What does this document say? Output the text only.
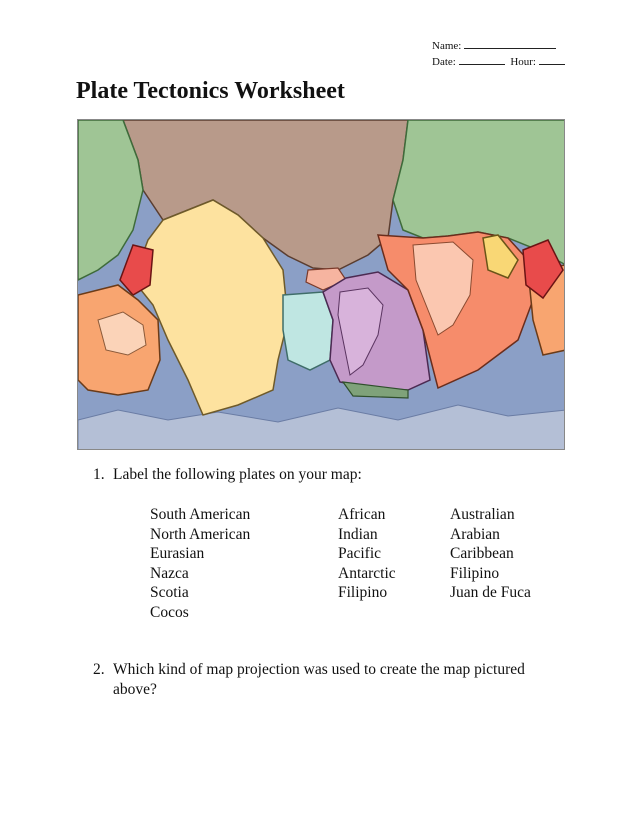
Name:
Date:	Hour:
Plate Tectonics Worksheet
1. Label the following plates on your map:
South American
North American
Eurasian
Nazca
Scotia
Cocos
African
Indian
Pacific
Antarctic
Filipino
Australian
Arabian
Caribbean
Filipino
Juan de Fuca
2. Which kind of map projection was used to create the map pictured above?
